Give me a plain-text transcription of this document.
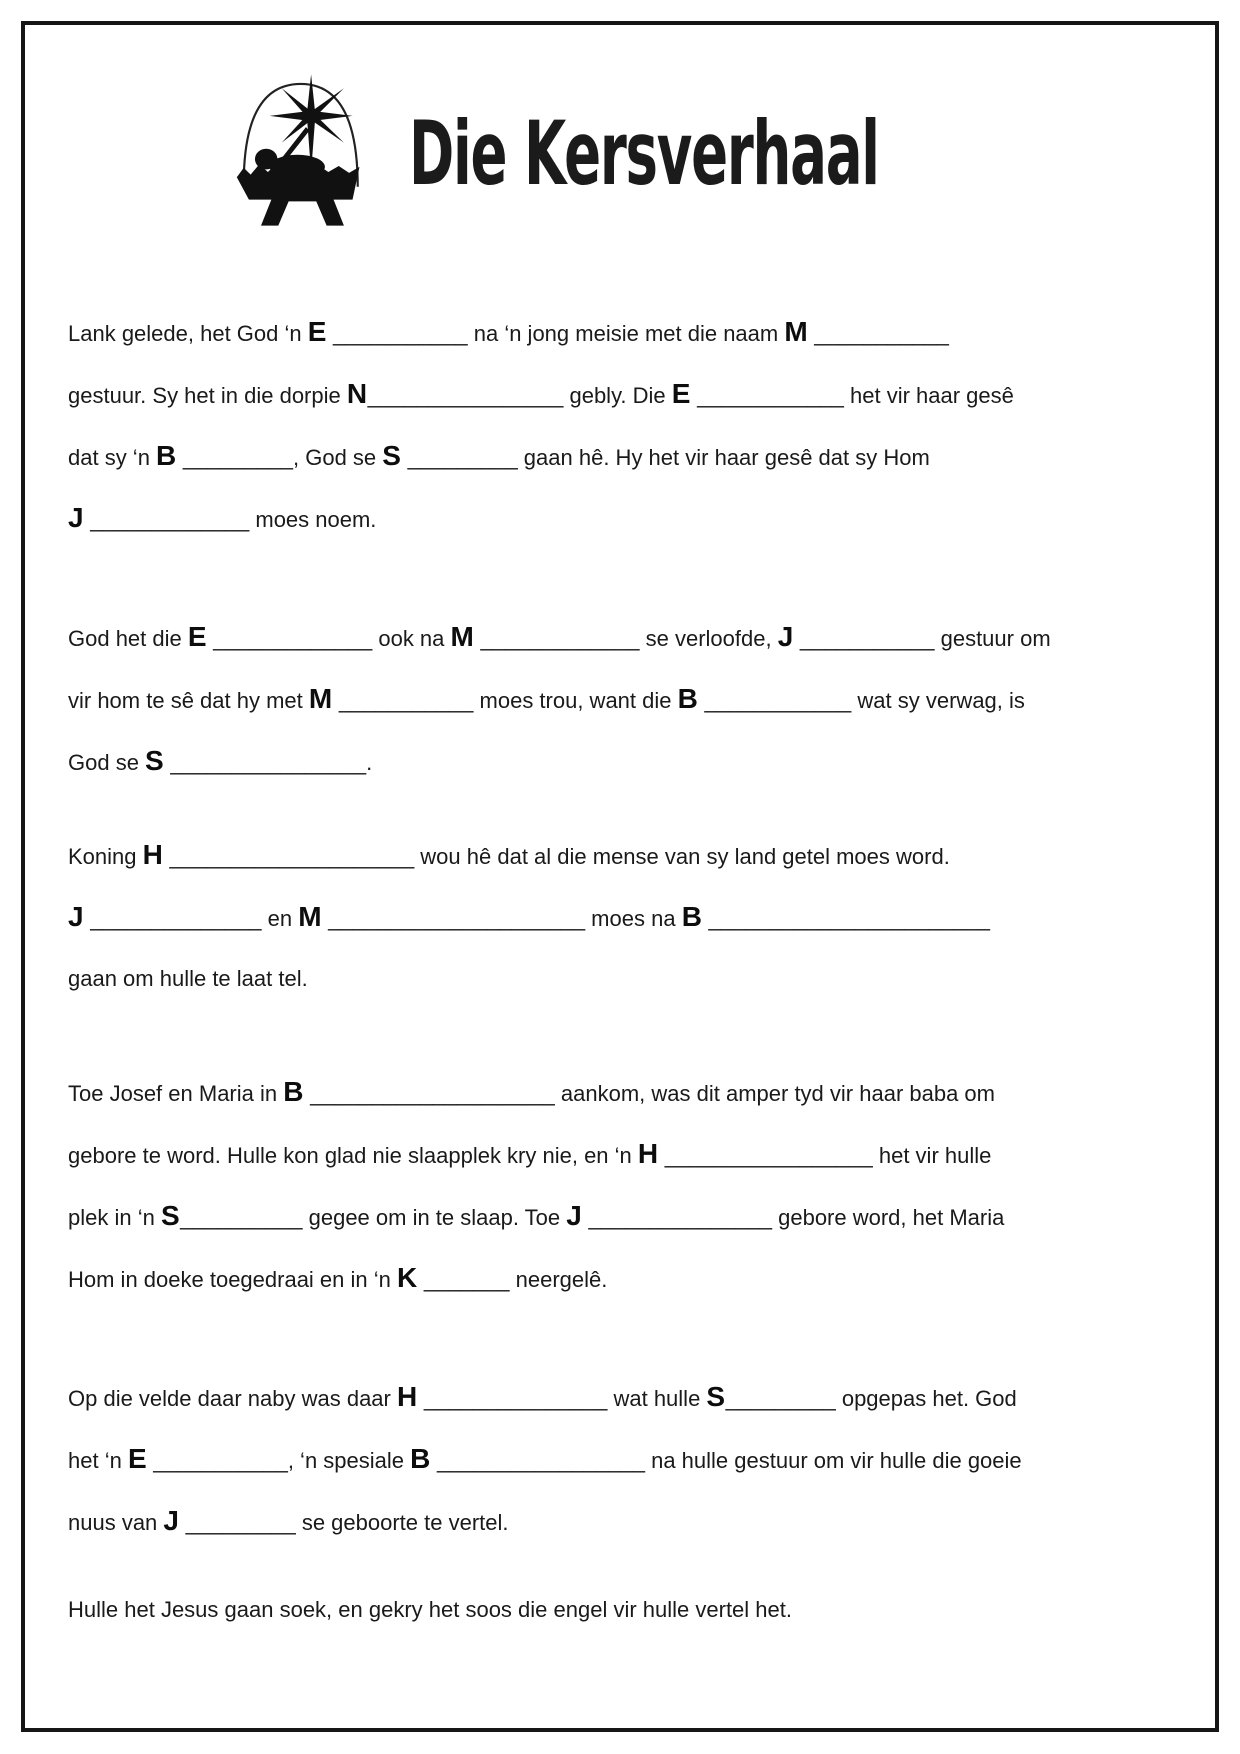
Die Kersverhaal
Lank gelede, het God ‘n E ___________ na ‘n jong meisie met die naam M ___________
gestuur. Sy het in die dorpie N________________ gebly. Die E ____________ het vir haar gesê
dat sy ‘n B _________, God se S _________ gaan hê. Hy het vir haar gesê dat sy Hom
J _____________ moes noem.
God het die E _____________ ook na M _____________ se verloofde, J ___________ gestuur om
vir hom te sê dat hy met M ___________ moes trou, want die B ____________ wat sy verwag, is
God se S ________________.
Koning H ____________________ wou hê dat al die mense van sy land getel moes word.
J ______________ en M _____________________ moes na B _______________________
gaan om hulle te laat tel.
Toe Josef en Maria in B ____________________ aankom, was dit amper tyd vir haar baba om
gebore te word. Hulle kon glad nie slaapplek kry nie, en ‘n H _________________ het vir hulle
plek in ‘n S__________ gegee om in te slaap. Toe J _______________ gebore word, het Maria
Hom in doeke toegedraai en in ‘n K _______ neergelê.
Op die velde daar naby was daar H _______________ wat hulle S_________ opgepas het. God
het ‘n E ___________, ‘n spesiale B _________________ na hulle gestuur om vir hulle die goeie
nuus van J _________ se geboorte te vertel.
Hulle het Jesus gaan soek, en gekry het soos die engel vir hulle vertel het.
